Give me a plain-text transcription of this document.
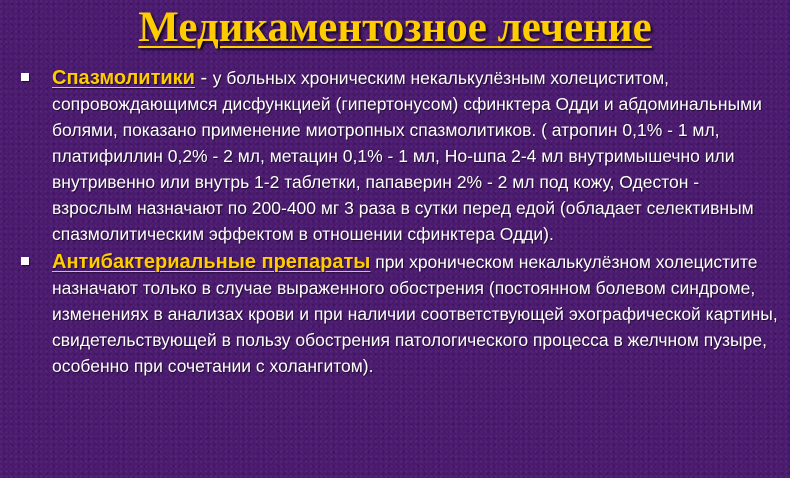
Медикаментозное лечение
Спазмолитики - у больных хроническим некалькулёзным холециститом, сопровождающимся дисфункцией (гипертонусом) сфинктера Одди и абдоминальными болями, показано применение миотропных спазмолитиков. ( атропин 0,1% - 1 мл, платифиллин 0,2% - 2 мл, метацин 0,1% - 1 мл, Но-шпа 2-4 мл внутримышечно или внутривенно или внутрь 1-2 таблетки, папаверин 2% - 2 мл под кожу, Одестон - взрослым назначают по 200-400 мг 3 раза в сутки перед едой (обладает селективным спазмолитическим эффектом в отношении сфинктера Одди).
Антибактериальные препараты при хроническом некалькулёзном холецистите назначают только в случае выраженного обострения (постоянном болевом синдроме, изменениях в анализах крови и при наличии соответствующей эхографической картины, свидетельствующей в пользу обострения патологического процесса в желчном пузыре, особенно при сочетании с холангитом).
